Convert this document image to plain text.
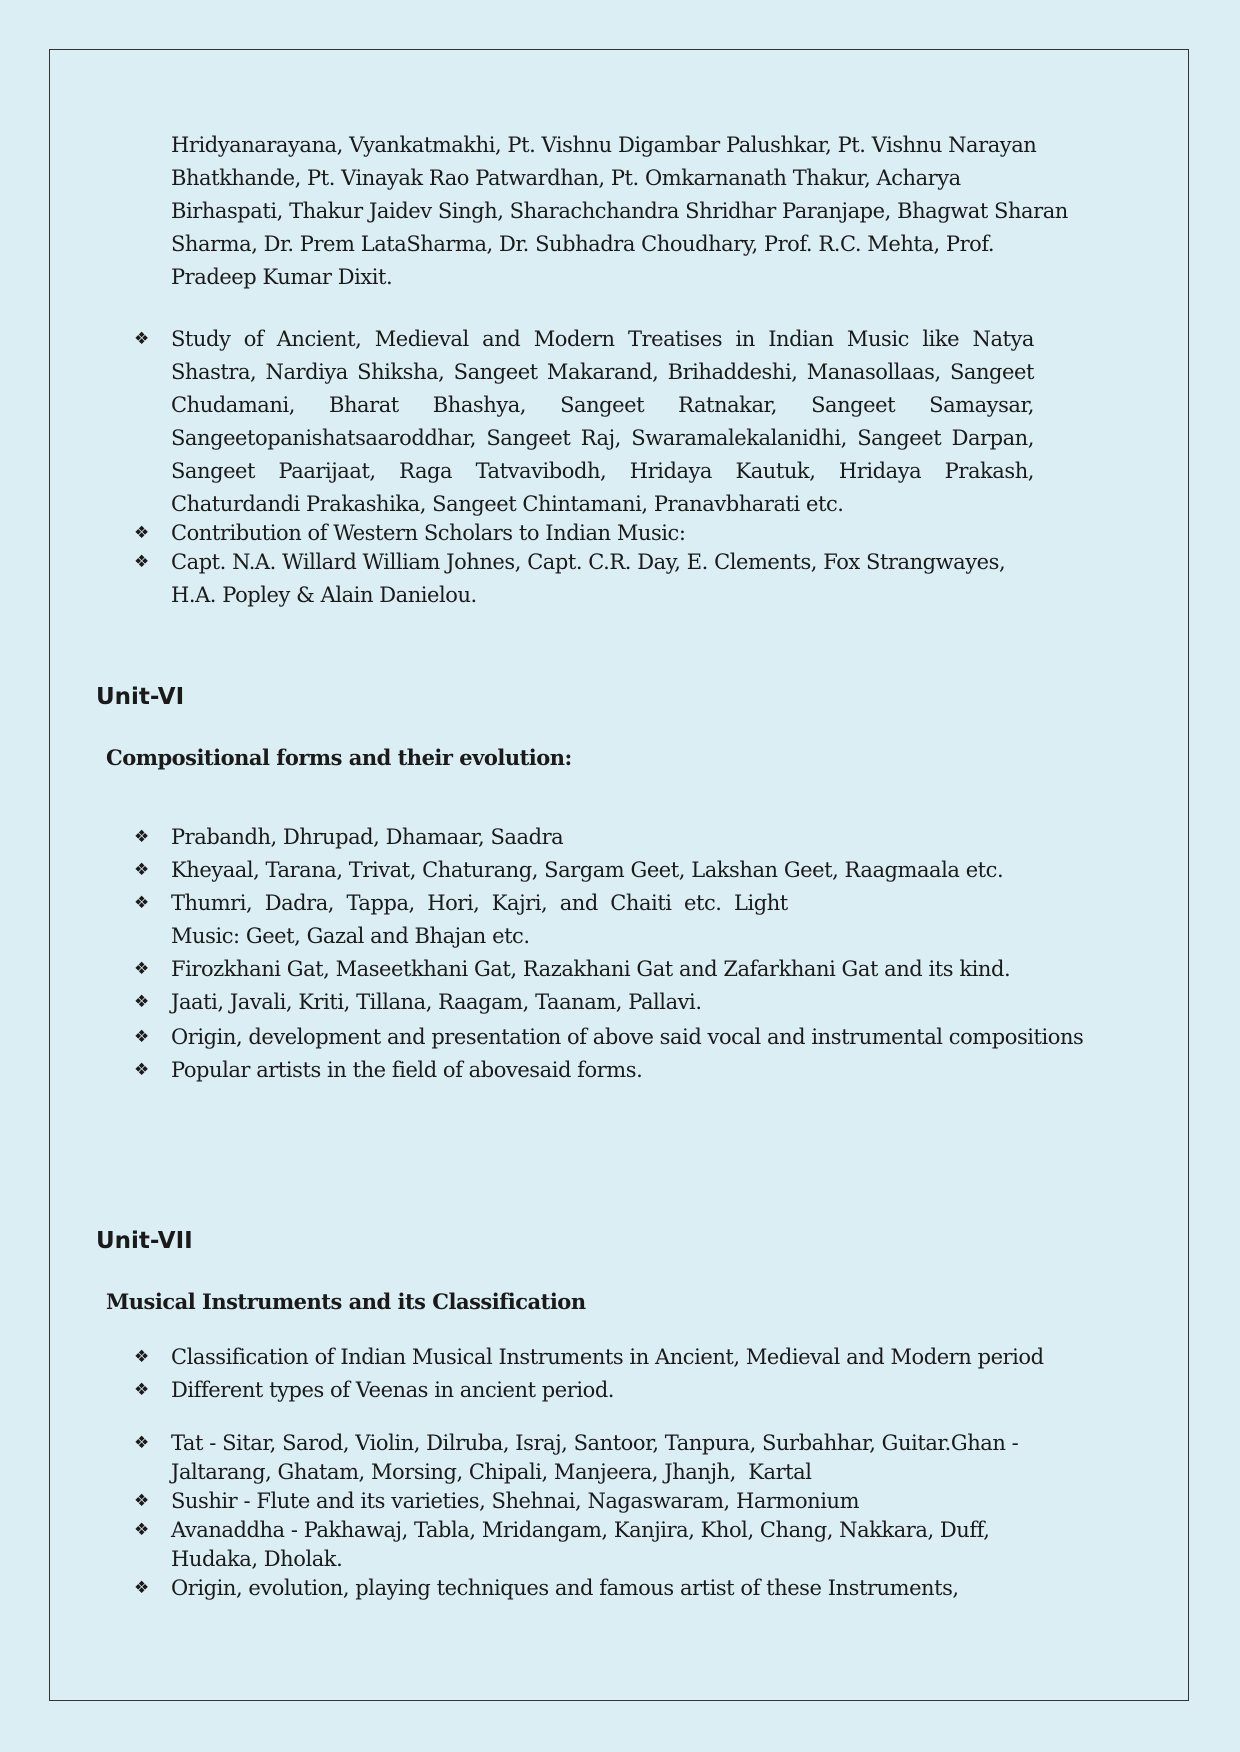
Hridyanarayana, Vyankatmakhi, Pt. Vishnu Digambar Palushkar, Pt. Vishnu Narayan
Bhatkhande, Pt. Vinayak Rao Patwardhan, Pt. Omkarnanath Thakur, Acharya
Birhaspati, Thakur Jaidev Singh, Sharachchandra Shridhar Paranjape, Bhagwat Sharan
Sharma, Dr. Prem LataSharma, Dr. Subhadra Choudhary, Prof. R.C. Mehta, Prof.
Pradeep Kumar Dixit.

❖ Study of Ancient, Medieval and Modern Treatises in Indian Music like Natya Shastra, Nardiya Shiksha, Sangeet Makarand, Brihaddeshi, Manasollaas, Sangeet Chudamani, Bharat Bhashya, Sangeet Ratnakar, Sangeet Samaysar, Sangeetopanishatsaaroddhar, Sangeet Raj, Swaramalekalanidhi, Sangeet Darpan, Sangeet Paarijaat, Raga Tatvavibodh, Hridaya Kautuk, Hridaya Prakash, Chaturdandi Prakashika, Sangeet Chintamani, Pranavbharati etc.
❖ Contribution of Western Scholars to Indian Music:
❖ Capt. N.A. Willard William Johnes, Capt. C.R. Day, E. Clements, Fox Strangwayes, H.A. Popley & Alain Danielou.
Unit-VI
Compositional forms and their evolution:
❖ Prabandh, Dhrupad, Dhamaar, Saadra
❖ Kheyaal, Tarana, Trivat, Chaturang, Sargam Geet, Lakshan Geet, Raagmaala etc.
❖ Thumri,  Dadra,  Tappa,  Hori,  Kajri,  and  Chaiti  etc.  Light
Music: Geet, Gazal and Bhajan etc.
❖ Firozkhani Gat, Maseetkhani Gat, Razakhani Gat and Zafarkhani Gat and its kind.
❖ Jaati, Javali, Kriti, Tillana, Raagam, Taanam, Pallavi.
❖ Origin, development and presentation of above said vocal and instrumental compositions
❖ Popular artists in the field of abovesaid forms.
Unit-VII
Musical Instruments and its Classification
❖ Classification of Indian Musical Instruments in Ancient, Medieval and Modern period
❖ Different types of Veenas in ancient period.
❖ Tat - Sitar, Sarod, Violin, Dilruba, Israj, Santoor, Tanpura, Surbahhar, Guitar.Ghan -
Jaltarang, Ghatam, Morsing, Chipali, Manjeera, Jhanjh,  Kartal
❖ Sushir - Flute and its varieties, Shehnai, Nagaswaram, Harmonium
❖ Avanaddha - Pakhawaj, Tabla, Mridangam, Kanjira, Khol, Chang, Nakkara, Duff,
Hudaka, Dholak.
❖ Origin, evolution, playing techniques and famous artist of these Instruments,
